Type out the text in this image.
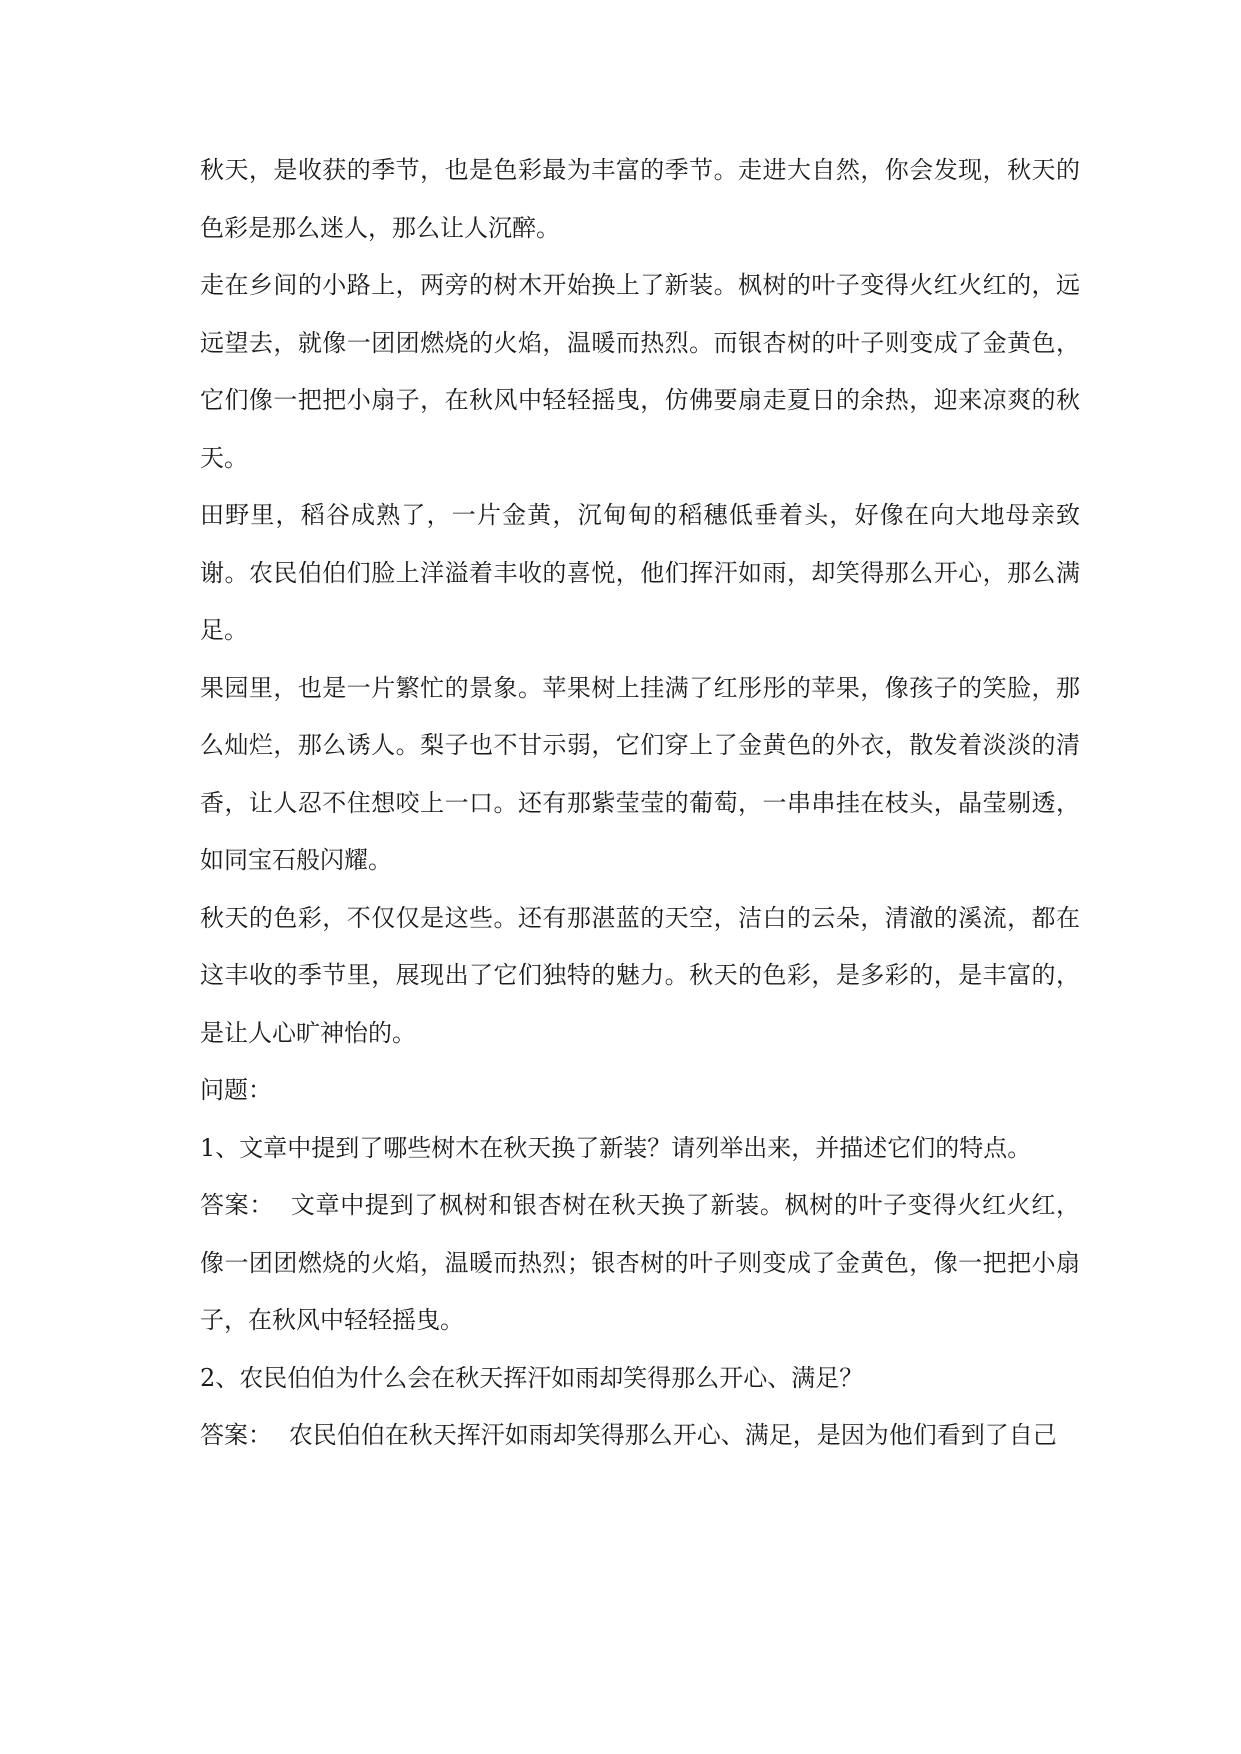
秋天，是收获的季节，也是色彩最为丰富的季节。走进大自然，你会发现，秋天的色彩是那么迷人，那么让人沉醉。

走在乡间的小路上，两旁的树木开始换上了新装。枫树的叶子变得火红火红的，远远望去，就像一团团燃烧的火焰，温暖而热烈。而银杏树的叶子则变成了金黄色，它们像一把把小扇子，在秋风中轻轻摇曳，仿佛要扇走夏日的余热，迎来凉爽的秋天。

田野里，稻谷成熟了，一片金黄，沉甸甸的稻穗低垂着头，好像在向大地母亲致谢。农民伯伯们脸上洋溢着丰收的喜悦，他们挥汗如雨，却笑得那么开心，那么满足。

果园里，也是一片繁忙的景象。苹果树上挂满了红彤彤的苹果，像孩子的笑脸，那么灿烂，那么诱人。梨子也不甘示弱，它们穿上了金黄色的外衣，散发着淡淡的清香，让人忍不住想咬上一口。还有那紫莹莹的葡萄，一串串挂在枝头，晶莹剔透，如同宝石般闪耀。

秋天的色彩，不仅仅是这些。还有那湛蓝的天空，洁白的云朵，清澈的溪流，都在这丰收的季节里，展现出了它们独特的魅力。秋天的色彩，是多彩的，是丰富的，是让人心旷神怡的。

问题：

1、文章中提到了哪些树木在秋天换了新装？请列举出来，并描述它们的特点。

答案： 文章中提到了枫树和银杏树在秋天换了新装。枫树的叶子变得火红火红，像一团团燃烧的火焰，温暖而热烈；银杏树的叶子则变成了金黄色，像一把把小扇子，在秋风中轻轻摇曳。

2、农民伯伯为什么会在秋天挥汗如雨却笑得那么开心、满足？

答案： 农民伯伯在秋天挥汗如雨却笑得那么开心、满足，是因为他们看到了自己
